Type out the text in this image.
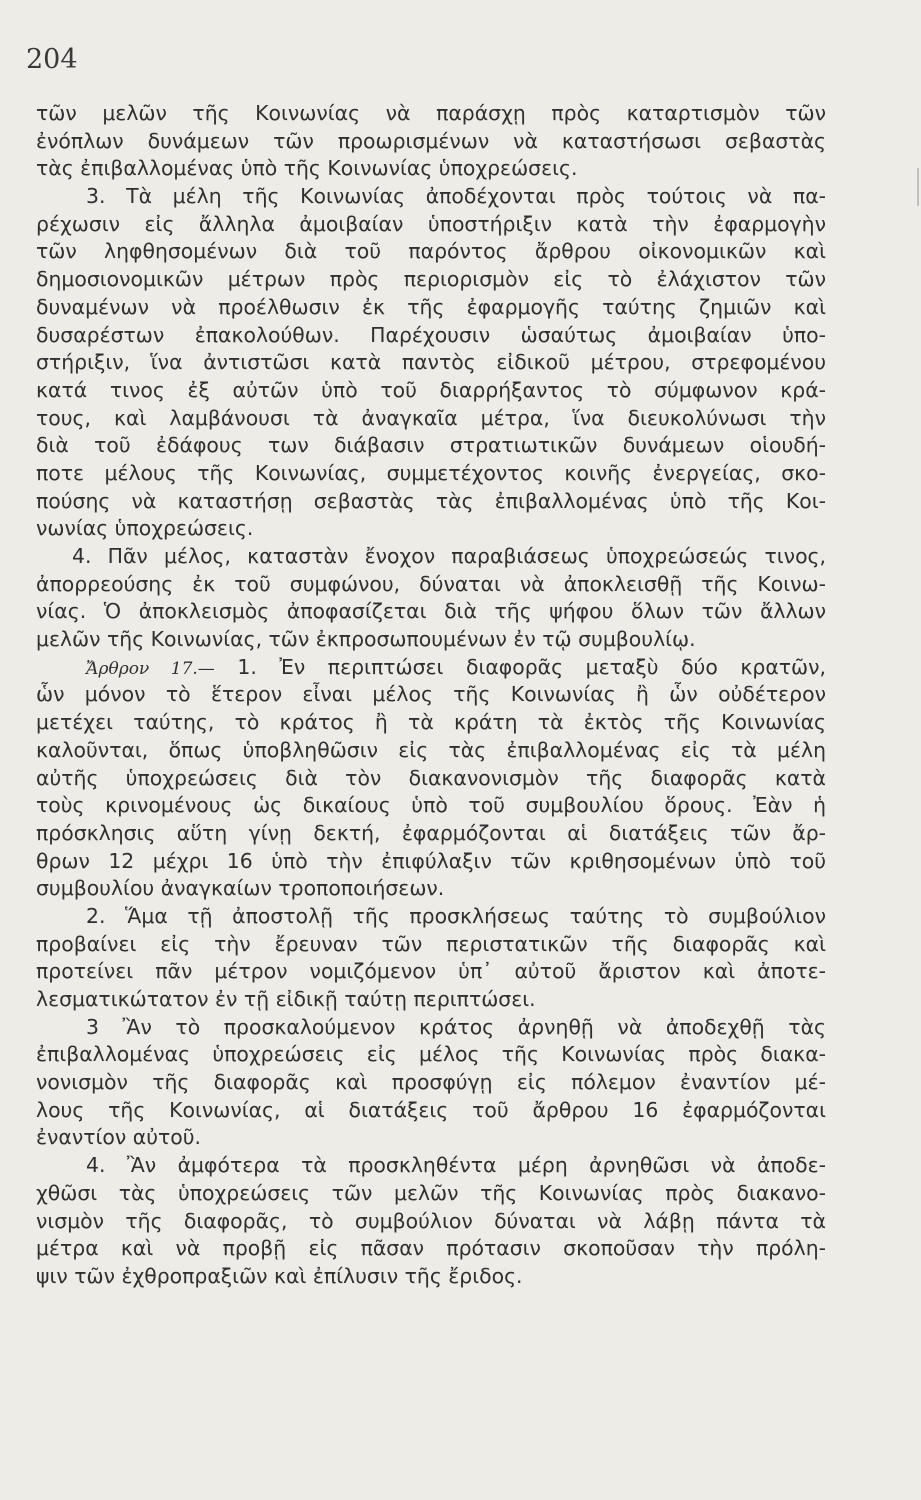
204
τῶν μελῶν τῆς Κοινωνίας νὰ παράσχῃ πρὸς καταρτισμὸν τῶν
ἐνόπλων δυνάμεων τῶν προωρισμένων νὰ καταστήσωσι σεβαστὰς
τὰς ἐπιβαλλομένας ὑπὸ τῆς Κοινωνίας ὑποχρεώσεις.
3. Τὰ μέλη τῆς Κοινωνίας ἀποδέχονται πρὸς τούτοις νὰ πα-
ρέχωσιν εἰς ἄλληλα ἀμοιβαίαν ὑποστήριξιν κατὰ τὴν ἐφαρμογὴν
τῶν ληφθησομένων διὰ τοῦ παρόντος ἄρθρου οἰκονομικῶν καὶ
δημοσιονομικῶν μέτρων πρὸς περιορισμὸν εἰς τὸ ἐλάχιστον τῶν
δυναμένων νὰ προέλθωσιν ἐκ τῆς ἐφαρμογῆς ταύτης ζημιῶν καὶ
δυσαρέστων ἐπακολούθων. Παρέχουσιν ὡσαύτως ἀμοιβαίαν ὑπο-
στήριξιν, ἵνα ἀντιστῶσι κατὰ παντὸς εἰδικοῦ μέτρου, στρεφομένου
κατά τινος ἐξ αὐτῶν ὑπὸ τοῦ διαρρήξαντος τὸ σύμφωνον κρά-
τους, καὶ λαμβάνουσι τὰ ἀναγκαῖα μέτρα, ἵνα διευκολύνωσι τὴν
διὰ τοῦ ἐδάφους των διάβασιν στρατιωτικῶν δυνάμεων οἱουδή-
ποτε μέλους τῆς Κοινωνίας, συμμετέχοντος κοινῆς ἐνεργείας, σκο-
πούσης νὰ καταστήσῃ σεβαστὰς τὰς ἐπιβαλλομένας ὑπὸ τῆς Κοι-
νωνίας ὑποχρεώσεις.
4. Πᾶν μέλος, καταστὰν ἔνοχον παραβιάσεως ὑποχρεώσεώς τινος,
ἀπορρεούσης ἐκ τοῦ συμφώνου, δύναται νὰ ἀποκλεισθῇ τῆς Κοινω-
νίας. Ὁ ἀποκλεισμὸς ἀποφασίζεται διὰ τῆς ψήφου ὅλων τῶν ἄλλων
μελῶν τῆς Κοινωνίας, τῶν ἐκπροσωπουμένων ἐν τῷ συμβουλίῳ.
Ἄρθρον 17.— 1. Ἐν περιπτώσει διαφορᾶς μεταξὺ δύο κρατῶν,
ὧν μόνον τὸ ἕτερον εἶναι μέλος τῆς Κοινωνίας ἢ ὧν οὐδέτερον
μετέχει ταύτης, τὸ κράτος ἢ τὰ κράτη τὰ ἐκτὸς τῆς Κοινωνίας
καλοῦνται, ὅπως ὑποβληθῶσιν εἰς τὰς ἐπιβαλλομένας εἰς τὰ μέλη
αὐτῆς ὑποχρεώσεις διὰ τὸν διακανονισμὸν τῆς διαφορᾶς κατὰ
τοὺς κρινομένους ὡς δικαίους ὑπὸ τοῦ συμβουλίου ὅρους. Ἐὰν ἡ
πρόσκλησις αὕτη γίνῃ δεκτή, ἐφαρμόζονται αἱ διατάξεις τῶν ἄρ-
θρων 12 μέχρι 16 ὑπὸ τὴν ἐπιφύλαξιν τῶν κριθησομένων ὑπὸ τοῦ
συμβουλίου ἀναγκαίων τροποποιήσεων.
2. Ἅμα τῇ ἀποστολῇ τῆς προσκλήσεως ταύτης τὸ συμβούλιον
προβαίνει εἰς τὴν ἔρευναν τῶν περιστατικῶν τῆς διαφορᾶς καὶ
προτείνει πᾶν μέτρον νομιζόμενον ὑπ᾽ αὐτοῦ ἄριστον καὶ ἀποτε-
λεσματικώτατον ἐν τῇ εἰδικῇ ταύτῃ περιπτώσει.
3 Ἂν τὸ προσκαλούμενον κράτος ἀρνηθῇ νὰ ἀποδεχθῇ τὰς
ἐπιβαλλομένας ὑποχρεώσεις εἰς μέλος τῆς Κοινωνίας πρὸς διακα-
νονισμὸν τῆς διαφορᾶς καὶ προσφύγῃ εἰς πόλεμον ἐναντίον μέ-
λους τῆς Κοινωνίας, αἱ διατάξεις τοῦ ἄρθρου 16 ἐφαρμόζονται
ἐναντίον αὐτοῦ.
4. Ἂν ἀμφότερα τὰ προσκληθέντα μέρη ἀρνηθῶσι νὰ ἀποδε-
χθῶσι τὰς ὑποχρεώσεις τῶν μελῶν τῆς Κοινωνίας πρὸς διακανο-
νισμὸν τῆς διαφορᾶς, τὸ συμβούλιον δύναται νὰ λάβῃ πάντα τὰ
μέτρα καὶ νὰ προβῇ εἰς πᾶσαν πρότασιν σκοποῦσαν τὴν πρόλη-
ψιν τῶν ἐχθροπραξιῶν καὶ ἐπίλυσιν τῆς ἔριδος.
